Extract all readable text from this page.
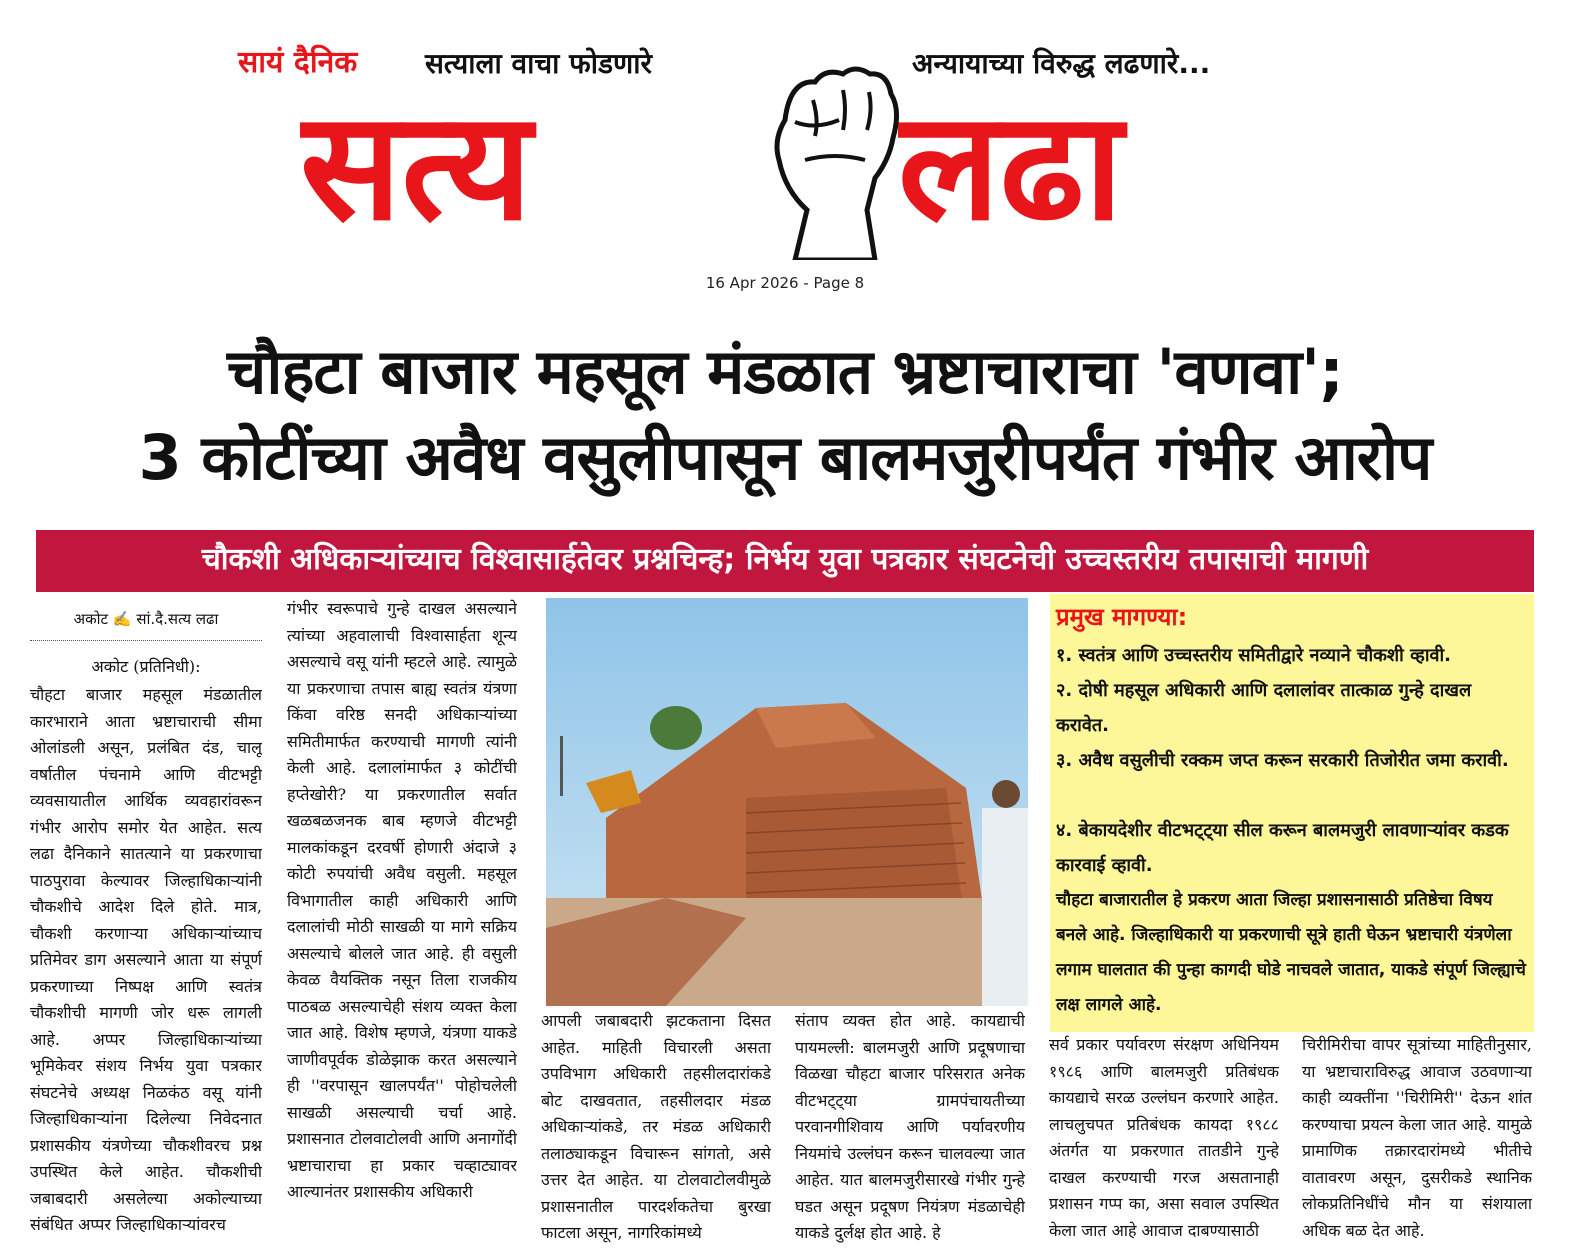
सायं दैनिक सत्याला वाचा फोडणारे	अन्यायाच्या विरुद्ध लढणारे...
सत्य	लढा
16 Apr 2026 - Page 8
चौहटा बाजार महसूल मंडळात भ्रष्टाचाराचा 'वणवा';
3 कोटींच्या अवैध वसुलीपासून बालमजुरीपर्यंत गंभीर आरोप
चौकशी अधिकाऱ्यांच्याच विश्वासार्हतेवर प्रश्नचिन्ह; निर्भय युवा पत्रकार संघटनेची उच्चस्तरीय तपासाची मागणी
अकोट ✍ सां.दै.सत्य लढा
अकोट (प्रतिनिधी):
चौहटा बाजार महसूल मंडळातील कारभाराने आता भ्रष्टाचाराची सीमा ओलांडली असून, प्रलंबित दंड, चालू वर्षातील पंचनामे आणि वीटभट्टी व्यवसायातील आर्थिक व्यवहारांवरून गंभीर आरोप समोर येत आहेत. सत्य लढा दैनिकाने सातत्याने या प्रकरणाचा पाठपुरावा केल्यावर जिल्हाधिकाऱ्यांनी चौकशीचे आदेश दिले होते. मात्र, चौकशी करणाऱ्या अधिकाऱ्यांच्याच प्रतिमेवर डाग असल्याने आता या संपूर्ण प्रकरणाच्या निष्पक्ष आणि स्वतंत्र चौकशीची मागणी जोर धरू लागली आहे. अप्पर जिल्हाधिकाऱ्यांच्या भूमिकेवर संशय निर्भय युवा पत्रकार संघटनेचे अध्यक्ष निळकंठ वसू यांनी जिल्हाधिकाऱ्यांना दिलेल्या निवेदनात प्रशासकीय यंत्रणेच्या चौकशीवरच प्रश्न उपस्थित केले आहेत. चौकशीची जबाबदारी असलेल्या अकोल्याच्या संबंधित अप्पर जिल्हाधिकाऱ्यांवरच
गंभीर स्वरूपाचे गुन्हे दाखल असल्याने त्यांच्या अहवालाची विश्वासार्हता शून्य असल्याचे वसू यांनी म्हटले आहे. त्यामुळे या प्रकरणाचा तपास बाह्य स्वतंत्र यंत्रणा किंवा वरिष्ठ सनदी अधिकाऱ्यांच्या समितीमार्फत करण्याची मागणी त्यांनी केली आहे. दलालांमार्फत ३ कोटींची हप्तेखोरी? या प्रकरणातील सर्वात खळबळजनक बाब म्हणजे वीटभट्टी मालकांकडून दरवर्षी होणारी अंदाजे ३ कोटी रुपयांची अवैध वसुली. महसूल विभागातील काही अधिकारी आणि दलालांची मोठी साखळी या मागे सक्रिय असल्याचे बोलले जात आहे. ही वसुली केवळ वैयक्तिक नसून तिला राजकीय पाठबळ असल्याचेही संशय व्यक्त केला जात आहे. विशेष म्हणजे, यंत्रणा याकडे जाणीवपूर्वक डोळेझाक करत असल्याने ही ''वरपासून खालपर्यंत'' पोहोचलेली साखळी असल्याची चर्चा आहे. प्रशासनात टोलवाटोलवी आणि अनागोंदी भ्रष्टाचाराचा हा प्रकार चव्हाट्यावर आल्यानंतर प्रशासकीय अधिकारी
आपली जबाबदारी झटकताना दिसत आहेत. माहिती विचारली असता उपविभाग अधिकारी तहसीलदारांकडे बोट दाखवतात, तहसीलदार मंडळ अधिकाऱ्यांकडे, तर मंडळ अधिकारी तलाठ्याकडून विचारून सांगतो, असे उत्तर देत आहेत. या टोलवाटोलवीमुळे प्रशासनातील पारदर्शकतेचा बुरखा फाटला असून, नागरिकांमध्ये
संताप व्यक्त होत आहे. कायद्याची पायमल्ली: बालमजुरी आणि प्रदूषणाचा विळखा चौहटा बाजार परिसरात अनेक वीटभट्ट्या ग्रामपंचायतीच्या परवानगीशिवाय आणि पर्यावरणीय नियमांचे उल्लंघन करून चालवल्या जात आहेत. यात बालमजुरीसारखे गंभीर गुन्हे घडत असून प्रदूषण नियंत्रण मंडळाचेही याकडे दुर्लक्ष होत आहे. हे
प्रमुख मागण्या:
१. स्वतंत्र आणि उच्चस्तरीय समितीद्वारे नव्याने चौकशी व्हावी.
२. दोषी महसूल अधिकारी आणि दलालांवर तात्काळ गुन्हे दाखल करावेत.
३. अवैध वसुलीची रक्कम जप्त करून सरकारी तिजोरीत जमा करावी.
४. बेकायदेशीर वीटभट्ट्या सील करून बालमजुरी लावणाऱ्यांवर कडक कारवाई व्हावी.
चौहटा बाजारातील हे प्रकरण आता जिल्हा प्रशासनासाठी प्रतिष्ठेचा विषय बनले आहे. जिल्हाधिकारी या प्रकरणाची सूत्रे हाती घेऊन भ्रष्टाचारी यंत्रणेला लगाम घालतात की पुन्हा कागदी घोडे नाचवले जातात, याकडे संपूर्ण जिल्ह्याचे लक्ष लागले आहे.
सर्व प्रकार पर्यावरण संरक्षण अधिनियम १९८६ आणि बालमजुरी प्रतिबंधक कायद्याचे सरळ उल्लंघन करणारे आहेत. लाचलुचपत प्रतिबंधक कायदा १९८८ अंतर्गत या प्रकरणात तातडीने गुन्हे दाखल करण्याची गरज असतानाही प्रशासन गप्प का, असा सवाल उपस्थित केला जात आहे आवाज दाबण्यासाठी
चिरीमिरीचा वापर सूत्रांच्या माहितीनुसार, या भ्रष्टाचाराविरुद्ध आवाज उठवणाऱ्या काही व्यक्तींना ''चिरीमिरी'' देऊन शांत करण्याचा प्रयत्न केला जात आहे. यामुळे प्रामाणिक तक्रारदारांमध्ये भीतीचे वातावरण असून, दुसरीकडे स्थानिक लोकप्रतिनिधींचे मौन या संशयाला अधिक बळ देत आहे.
